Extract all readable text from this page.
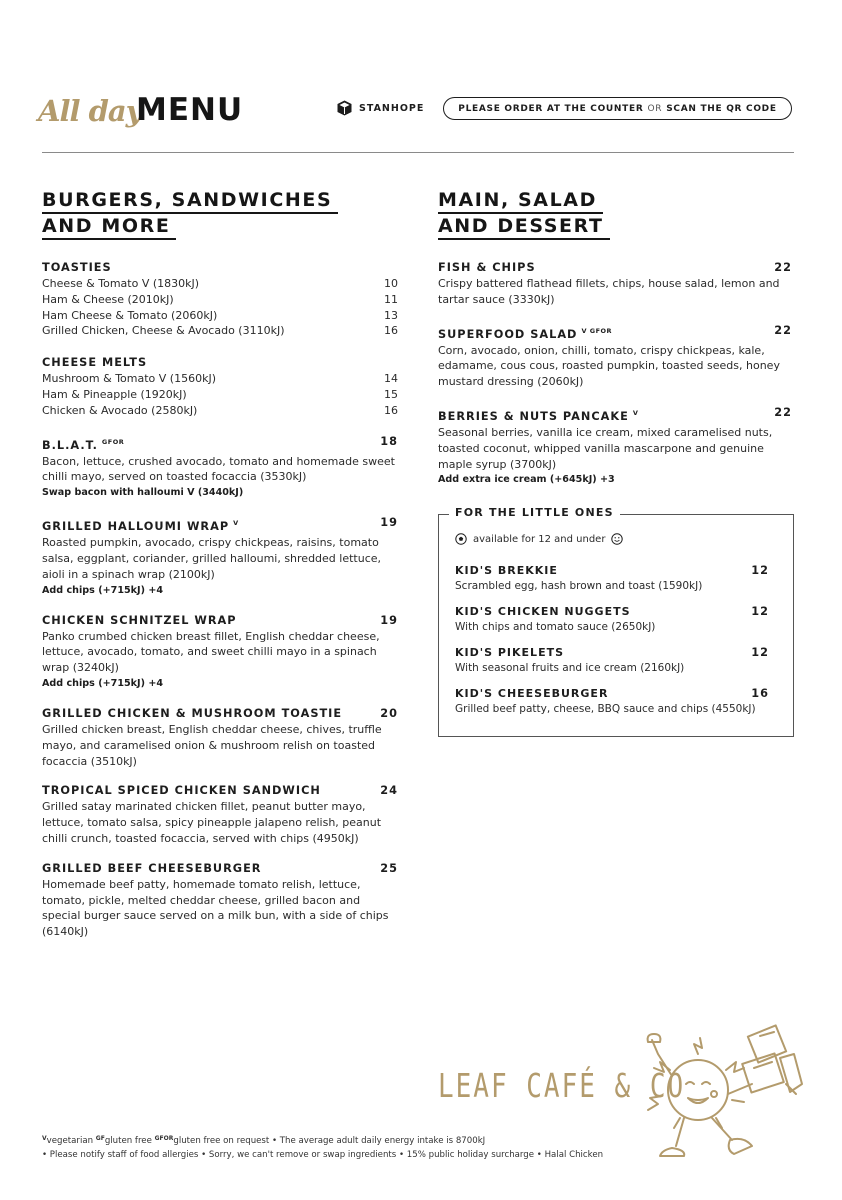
All day
MENU	STANHOPE	PLEASE ORDER AT THE COUNTER OR SCAN THE QR CODE
BURGERS, SANDWICHES
AND MORE
TOASTIES
Cheese & Tomato V (1830kJ)	10
Ham & Cheese (2010kJ)	11
Ham Cheese & Tomato (2060kJ)	13
Grilled Chicken, Cheese & Avocado (3110kJ)	16
CHEESE MELTS
Mushroom & Tomato V (1560kJ)	14
Ham & Pineapple (1920kJ)	15
Chicken & Avocado (2580kJ)	16
B.L.A.T. $^{GFOR}$	18
Bacon, lettuce, crushed avocado, tomato and homemade sweet chilli mayo, served on toasted focaccia (3530kJ)
Swap bacon with halloumi V (3440kJ)
GRILLED HALLOUMI WRAP $^V$	19
Roasted pumpkin, avocado, crispy chickpeas, raisins, tomato salsa, eggplant, coriander, grilled halloumi, shredded lettuce, aioli in a spinach wrap (2100kJ)
Add chips (+715kJ) +4
CHICKEN SCHNITZEL WRAP	19
Panko crumbed chicken breast fillet, English cheddar cheese, lettuce, avocado, tomato, and sweet chilli mayo in a spinach wrap (3240kJ)
Add chips (+715kJ) +4
GRILLED CHICKEN & MUSHROOM TOASTIE	20
Grilled chicken breast, English cheddar cheese, chives, truffle mayo, and caramelised onion & mushroom relish on toasted focaccia (3510kJ)
TROPICAL SPICED CHICKEN SANDWICH	24
Grilled satay marinated chicken fillet, peanut butter mayo, lettuce, tomato salsa, spicy pineapple jalapeno relish, peanut chilli crunch, toasted focaccia, served with chips (4950kJ)
GRILLED BEEF CHEESEBURGER	25
Homemade beef patty, homemade tomato relish, lettuce, tomato, pickle, melted cheddar cheese, grilled bacon and special burger sauce served on a milk bun, with a side of chips (6140kJ)
MAIN, SALAD
AND DESSERT
FISH & CHIPS	22
Crispy battered flathead fillets, chips, house salad, lemon and tartar sauce (3330kJ)
SUPERFOOD SALAD $^{V GFOR}$	22
Corn, avocado, onion, chilli, tomato, crispy chickpeas, kale, edamame, cous cous, roasted pumpkin, toasted seeds, honey mustard dressing (2060kJ)
BERRIES & NUTS PANCAKE $^V$	22
Seasonal berries, vanilla ice cream, mixed caramelised nuts, toasted coconut, whipped vanilla mascarpone and genuine maple syrup (3700kJ)
Add extra ice cream (+645kJ) +3
FOR THE LITTLE ONES
available for 12 and under
KID'S BREKKIE	12
Scrambled egg, hash brown and toast (1590kJ)
KID'S CHICKEN NUGGETS	12
With chips and tomato sauce (2650kJ)
KID'S PIKELETS	12
With seasonal fruits and ice cream (2160kJ)
KID'S CHEESEBURGER	16
Grilled beef patty, cheese, BBQ sauce and chips (4550kJ)
LEAF CAFÉ & CO
$^V$vegetarian $^{GF}$gluten free $^{GFOR}$gluten free on request • The average adult daily energy intake is 8700kJ
• Please notify staff of food allergies • Sorry, we can't remove or swap ingredients • 15% public holiday surcharge • Halal Chicken
